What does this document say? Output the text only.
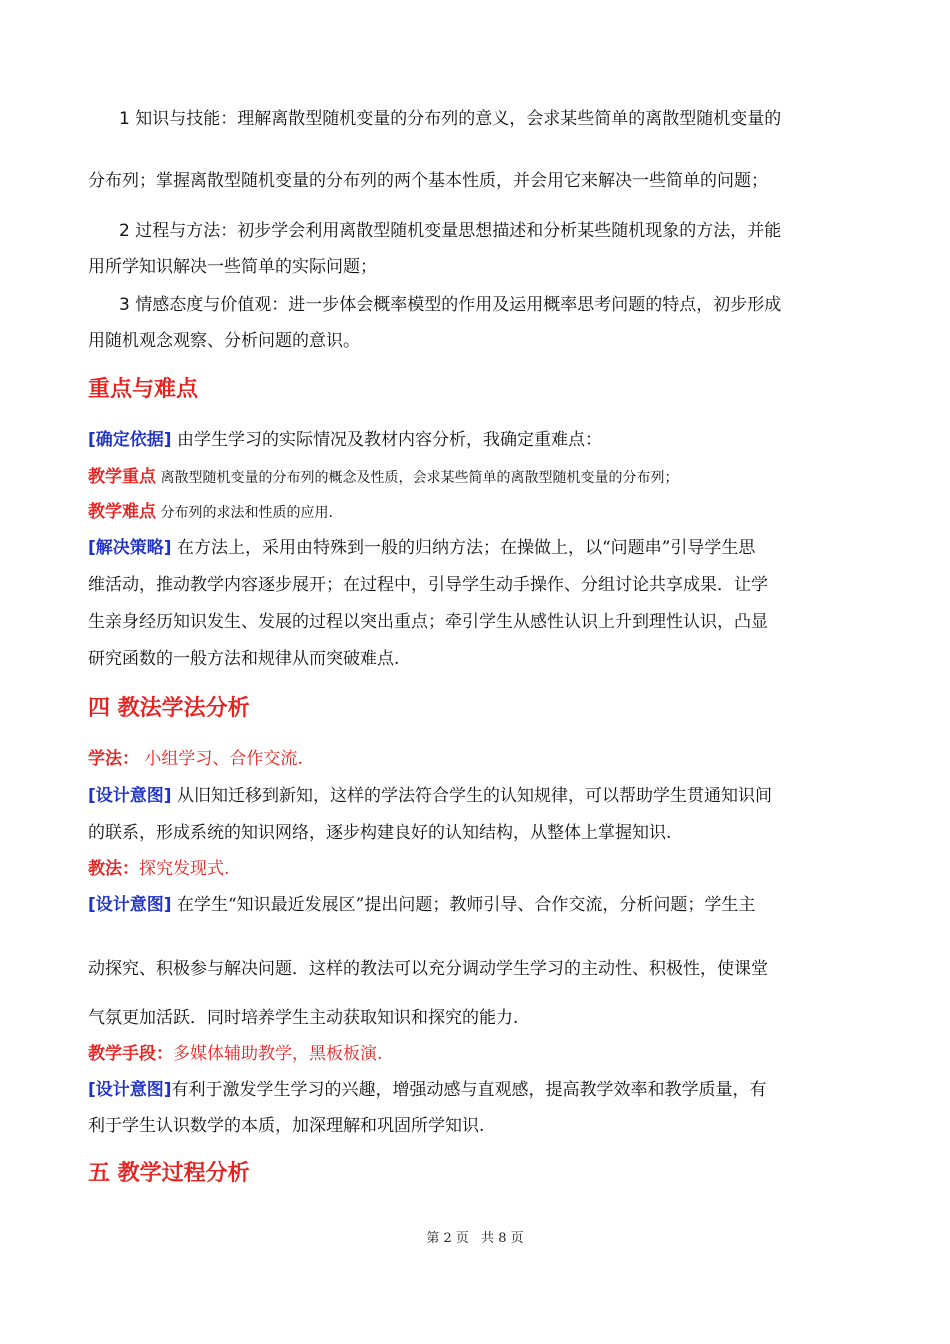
1 知识与技能：理解离散型随机变量的分布列的意义，会求某些简单的离散型随机变量的
分布列；掌握离散型随机变量的分布列的两个基本性质，并会用它来解决一些简单的问题；
2 过程与方法：初步学会利用离散型随机变量思想描述和分析某些随机现象的方法，并能
用所学知识解决一些简单的实际问题；
3 情感态度与价值观：进一步体会概率模型的作用及运用概率思考问题的特点，初步形成
用随机观念观察、分析问题的意识。
重点与难点
[确定依据] 由学生学习的实际情况及教材内容分析，我确定重难点：
教学重点 离散型随机变量的分布列的概念及性质，会求某些简单的离散型随机变量的分布列；
教学难点 分布列的求法和性质的应用.
[解决策略] 在方法上，采用由特殊到一般的归纳方法；在操做上，以“问题串”引导学生思
维活动，推动教学内容逐步展开；在过程中，引导学生动手操作、分组讨论共享成果．让学
生亲身经历知识发生、发展的过程以突出重点；牵引学生从感性认识上升到理性认识，凸显
研究函数的一般方法和规律从而突破难点.
四 教法学法分析
学法： 小组学习、合作交流.
[设计意图] 从旧知迁移到新知，这样的学法符合学生的认知规律，可以帮助学生贯通知识间
的联系，形成系统的知识网络，逐步构建良好的认知结构，从整体上掌握知识.
教法：探究发现式.
[设计意图] 在学生“知识最近发展区”提出问题；教师引导、合作交流，分析问题；学生主
动探究、积极参与解决问题．这样的教法可以充分调动学生学习的主动性、积极性，使课堂
气氛更加活跃．同时培养学生主动获取知识和探究的能力.
教学手段：多媒体辅助教学，黑板板演.
[设计意图]有利于激发学生学习的兴趣，增强动感与直观感，提高教学效率和教学质量，有
利于学生认识数学的本质，加深理解和巩固所学知识.
五 教学过程分析
第 2 页 共 8 页
